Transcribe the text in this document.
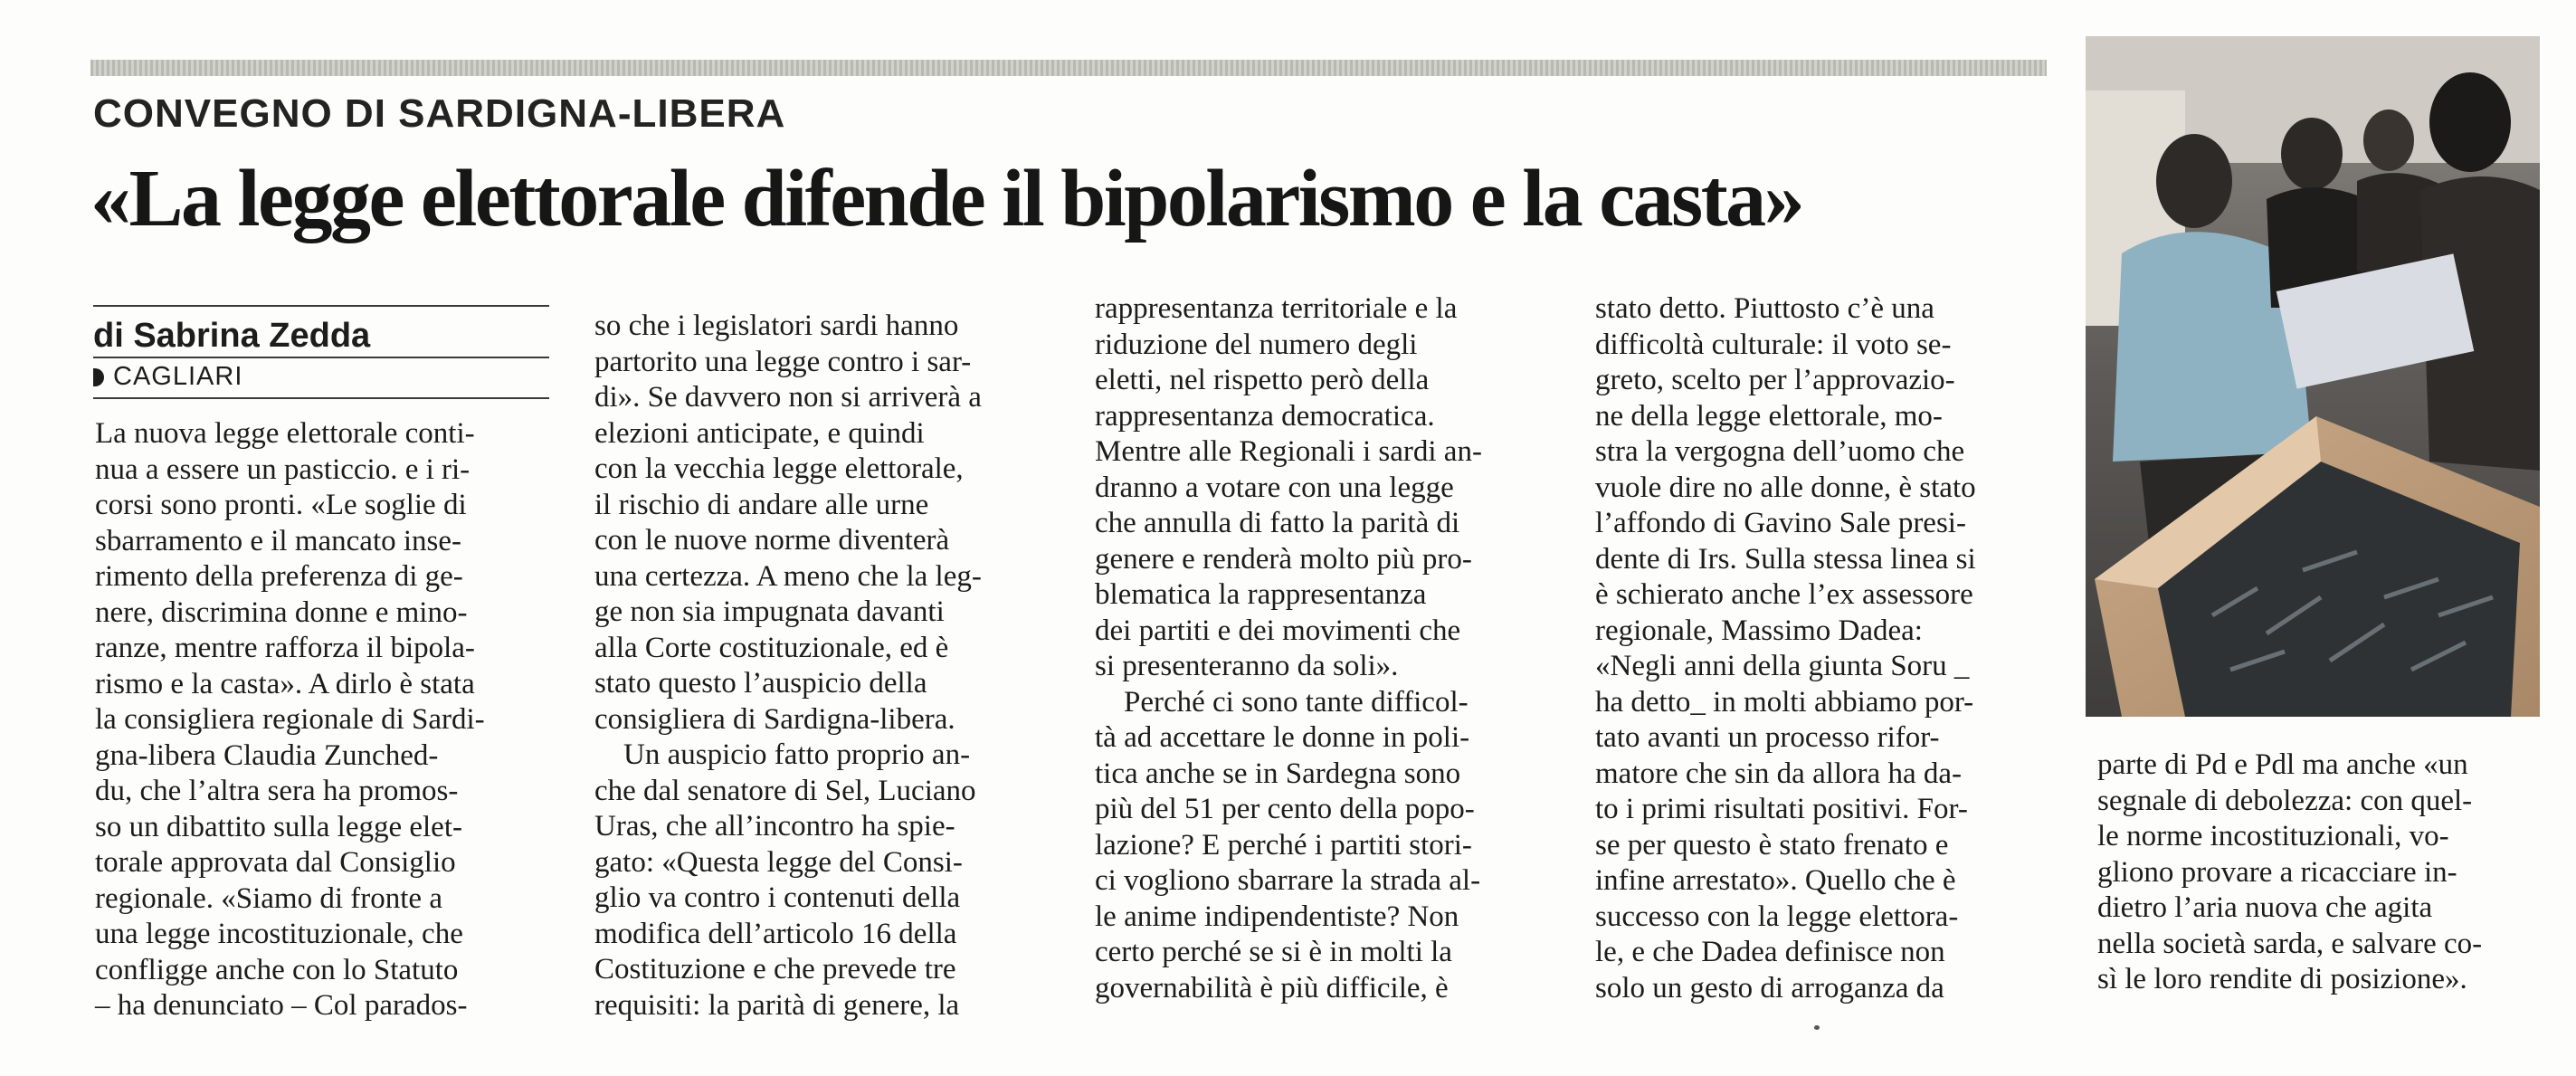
CONVEGNO DI SARDIGNA-LIBERA
«La legge elettorale difende il bipolarismo e la casta»
di Sabrina Zedda
CAGLIARI
La nuova legge elettorale conti-
nua a essere un pasticcio. e i ri-
corsi sono pronti. «Le soglie di
sbarramento e il mancato inse-
rimento della preferenza di ge-
nere, discrimina donne e mino-
ranze, mentre rafforza il bipola-
rismo e la casta». A dirlo è stata
la consigliera regionale di Sardi-
gna-libera Claudia Zunched-
du, che l’altra sera ha promos-
so un dibattito sulla legge elet-
torale approvata dal Consiglio
regionale. «Siamo di fronte a
una legge incostituzionale, che
confligge anche con lo Statuto
– ha denunciato – Col parados-
so che i legislatori sardi hanno
partorito una legge contro i sar-
di». Se davvero non si arriverà a
elezioni anticipate, e quindi
con la vecchia legge elettorale,
il rischio di andare alle urne
con le nuove norme diventerà
una certezza. A meno che la leg-
ge non sia impugnata davanti
alla Corte costituzionale, ed è
stato questo l’auspicio della
consigliera di Sardigna-libera.
Un auspicio fatto proprio an-
che dal senatore di Sel, Luciano
Uras, che all’incontro ha spie-
gato: «Questa legge del Consi-
glio va contro i contenuti della
modifica dell’articolo 16 della
Costituzione e che prevede tre
requisiti: la parità di genere, la
rappresentanza territoriale e la
riduzione del numero degli
eletti, nel rispetto però della
rappresentanza democratica.
Mentre alle Regionali i sardi an-
dranno a votare con una legge
che annulla di fatto la parità di
genere e renderà molto più pro-
blematica la rappresentanza
dei partiti e dei movimenti che
si presenteranno da soli».
Perché ci sono tante difficol-
tà ad accettare le donne in poli-
tica anche se in Sardegna sono
più del 51 per cento della popo-
lazione? E perché i partiti stori-
ci vogliono sbarrare la strada al-
le anime indipendentiste? Non
certo perché se si è in molti la
governabilità è più difficile, è
stato detto. Piuttosto c’è una
difficoltà culturale: il voto se-
greto, scelto per l’approvazio-
ne della legge elettorale, mo-
stra la vergogna dell’uomo che
vuole dire no alle donne, è stato
l’affondo di Gavino Sale presi-
dente di Irs. Sulla stessa linea si
è schierato anche l’ex assessore
regionale, Massimo Dadea:
«Negli anni della giunta Soru _
ha detto_ in molti abbiamo por-
tato avanti un processo rifor-
matore che sin da allora ha da-
to i primi risultati positivi. For-
se per questo è stato frenato e
infine arrestato». Quello che è
successo con la legge elettora-
le, e che Dadea definisce non
solo un gesto di arroganza da
parte di Pd e Pdl ma anche «un
segnale di debolezza: con quel-
le norme incostituzionali, vo-
gliono provare a ricacciare in-
dietro l’aria nuova che agita
nella società sarda, e salvare co-
sì le loro rendite di posizione».
